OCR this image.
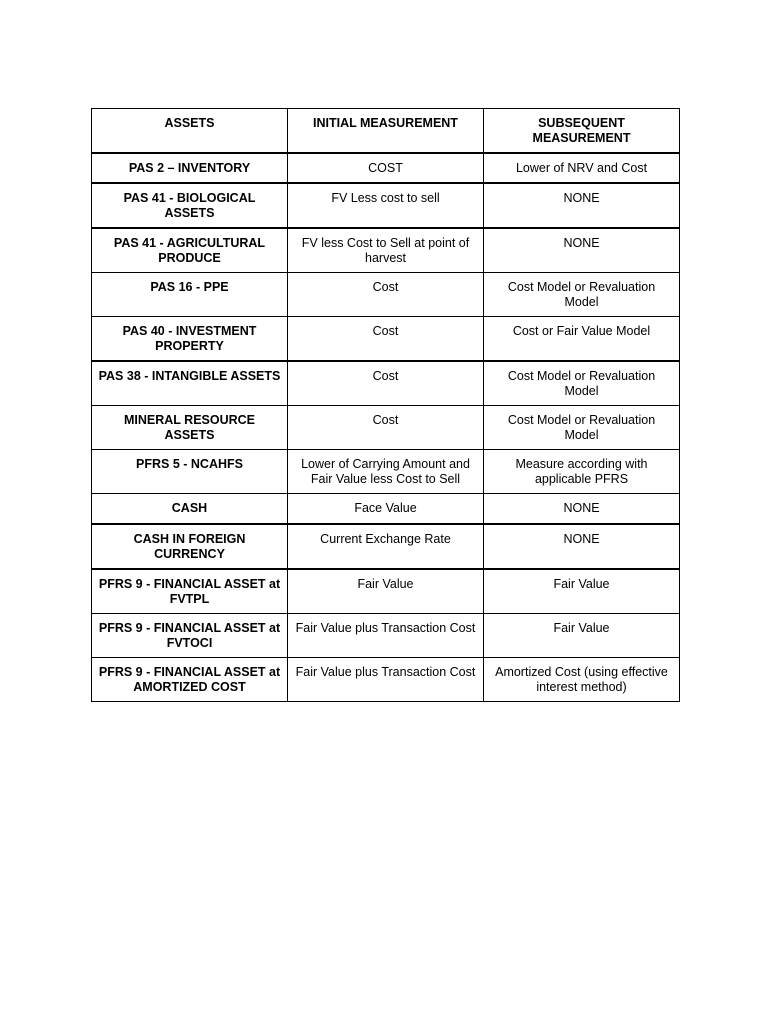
ASSETS	INITIAL MEASUREMENT	SUBSEQUENT MEASUREMENT
PAS 2 – INVENTORY	COST	Lower of NRV and Cost
PAS 41 - BIOLOGICAL ASSETS	FV Less cost to sell	NONE
PAS 41 - AGRICULTURAL PRODUCE	FV less Cost to Sell at point of harvest	NONE
PAS 16 - PPE	Cost	Cost Model or Revaluation Model
PAS 40 - INVESTMENT PROPERTY	Cost	Cost or Fair Value Model
PAS 38 - INTANGIBLE ASSETS	Cost	Cost Model or Revaluation Model
MINERAL RESOURCE ASSETS	Cost	Cost Model or Revaluation Model
PFRS 5 - NCAHFS	Lower of Carrying Amount and Fair Value less Cost to Sell	Measure according with applicable PFRS
CASH	Face Value	NONE
CASH IN FOREIGN CURRENCY	Current Exchange Rate	NONE
PFRS 9 - FINANCIAL ASSET at FVTPL	Fair Value	Fair Value
PFRS 9 - FINANCIAL ASSET at FVTOCI	Fair Value plus Transaction Cost	Fair Value
PFRS 9 - FINANCIAL ASSET at AMORTIZED COST	Fair Value plus Transaction Cost	Amortized Cost (using effective interest method)
